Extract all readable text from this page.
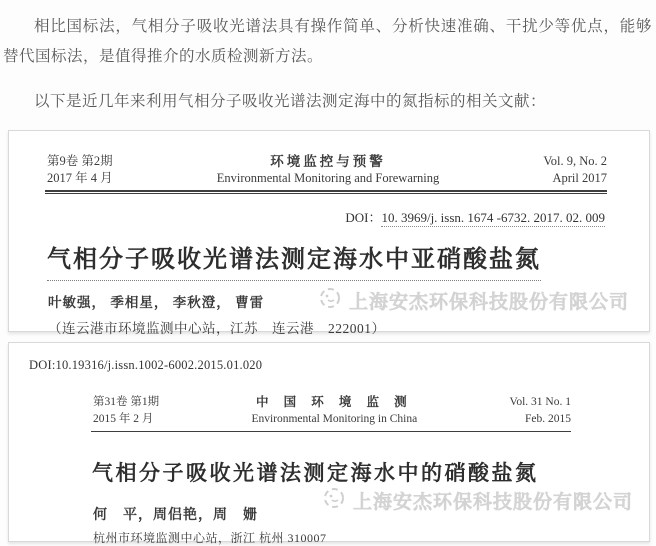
相比国标法，气相分子吸收光谱法具有操作简单、分析快速准确、干扰少等优点，能够替代国标法，是值得推介的水质检测新方法。

以下是近几年来利用气相分子吸收光谱法测定海中的氮指标的相关文献：

第9卷 第2期
2017 年 4 月
环境监控与预警
Environmental Monitoring and Forewarning
Vol. 9, No. 2
April 2017
DOI：10. 3969/j. issn. 1674 -6732. 2017. 02. 009
气相分子吸收光谱法测定海水中亚硝酸盐氮
叶敏强， 季相星， 李秋澄， 曹雷
（连云港市环境监测中心站，江苏　连云港　222001）
上海安杰环保科技股份有限公司
DOI:10.19316/j.issn.1002-6002.2015.01.020
第31卷 第1期
2015 年 2 月
中 国 环 境 监 测
Environmental Monitoring in China
Vol. 31 No. 1
Feb. 2015
气相分子吸收光谱法测定海水中的硝酸盐氮
何　平，周侣艳，周　姗
杭州市环境监测中心站，浙江 杭州 310007
上海安杰环保科技股份有限公司
